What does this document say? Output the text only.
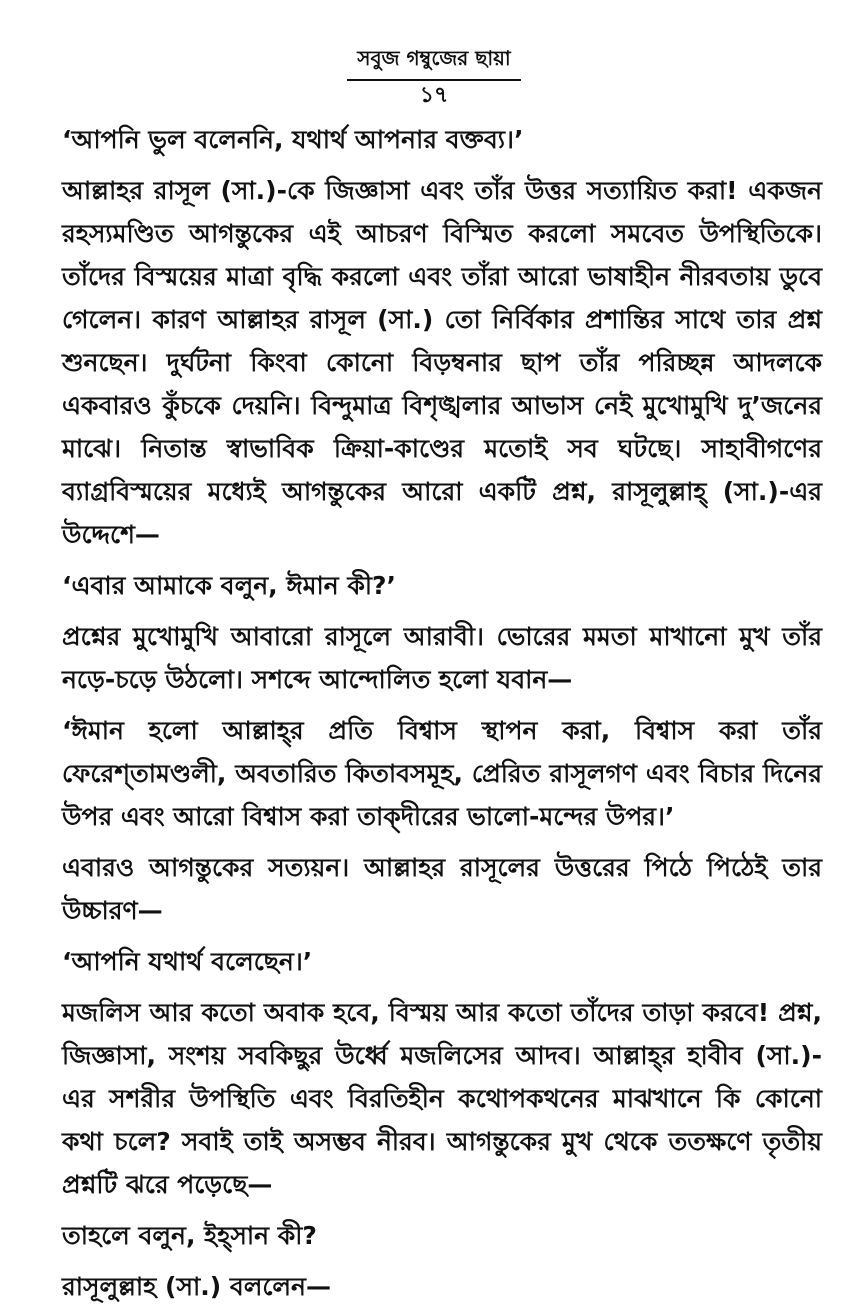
সবুজ গম্বুজের ছায়া
১৭

‘আপনি ভুল বলেননি, যথার্থ আপনার বক্তব্য।’

আল্লাহর রাসূল (সা.)-কে জিজ্ঞাসা এবং তাঁর উত্তর সত্যায়িত করা! একজন রহস্যমণ্ডিত আগন্তুকের এই আচরণ বিস্মিত করলো সমবেত উপস্থিতিকে। তাঁদের বিস্ময়ের মাত্রা বৃদ্ধি করলো এবং তাঁরা আরো ভাষাহীন নীরবতায় ডুবে গেলেন। কারণ আল্লাহর রাসূল (সা.) তো নির্বিকার প্রশান্তির সাথে তার প্রশ্ন শুনছেন। দুর্ঘটনা কিংবা কোনো বিড়ম্বনার ছাপ তাঁর পরিচ্ছন্ন আদলকে একবারও কুঁচকে দেয়নি। বিন্দুমাত্র বিশৃঙ্খলার আভাস নেই মুখোমুখি দু’জনের মাঝে। নিতান্ত স্বাভাবিক ক্রিয়া-কাণ্ডের মতোই সব ঘটছে। সাহাবীগণের ব্যাগ্রবিস্ময়ের মধ্যেই আগন্তুকের আরো একটি প্রশ্ন, রাসূলুল্লাহ্ (সা.)-এর উদ্দেশে—

‘এবার আমাকে বলুন, ঈমান কী?’

প্রশ্নের মুখোমুখি আবারো রাসূলে আরাবী। ভোরের মমতা মাখানো মুখ তাঁর নড়ে-চড়ে উঠলো। সশব্দে আন্দোলিত হলো যবান—

‘ঈমান হলো আল্লাহ্‌র প্রতি বিশ্বাস স্থাপন করা, বিশ্বাস করা তাঁর ফেরেশ্‌তামণ্ডলী, অবতারিত কিতাবসমূহ, প্রেরিত রাসূলগণ এবং বিচার দিনের উপর এবং আরো বিশ্বাস করা তাক্‌দীরের ভালো-মন্দের উপর।’

এবারও আগন্তুকের সত্যয়ন। আল্লাহর রাসূলের উত্তরের পিঠে পিঠেই তার উচ্চারণ—

‘আপনি যথার্থ বলেছেন।’

মজলিস আর কতো অবাক হবে, বিস্ময় আর কতো তাঁদের তাড়া করবে! প্রশ্ন, জিজ্ঞাসা, সংশয় সবকিছুর উর্ধ্বে মজলিসের আদব। আল্লাহ্‌র হাবীব (সা.)-এর সশরীর উপস্থিতি এবং বিরতিহীন কথোপকথনের মাঝখানে কি কোনো কথা চলে? সবাই তাই অসম্ভব নীরব। আগন্তুকের মুখ থেকে ততক্ষণে তৃতীয় প্রশ্নটি ঝরে পড়েছে—

তাহলে বলুন, ইহ্‌সান কী?

রাসূলুল্লাহ (সা.) বললেন—
